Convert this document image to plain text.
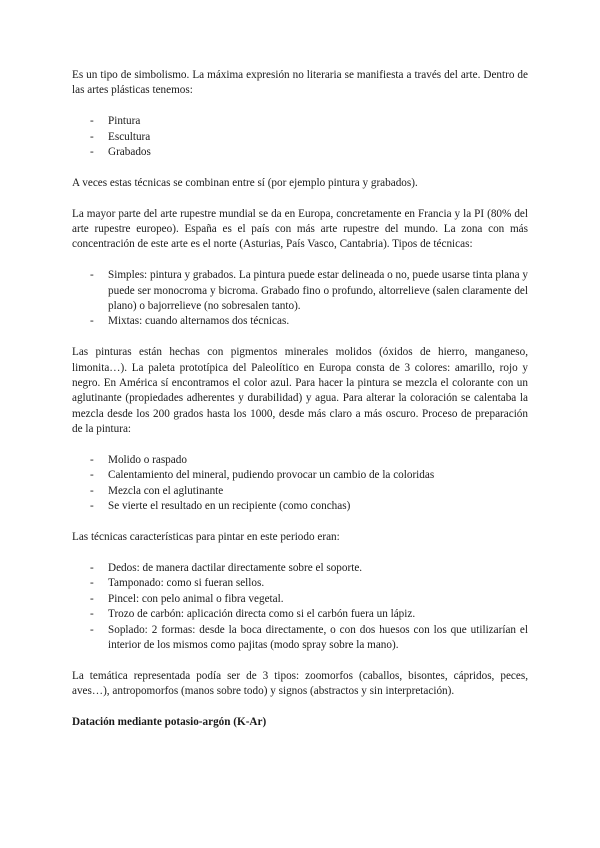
Es un tipo de simbolismo. La máxima expresión no literaria se manifiesta a través del arte. Dentro de las artes plásticas tenemos:

- Pintura
- Escultura
- Grabados

A veces estas técnicas se combinan entre sí (por ejemplo pintura y grabados).

La mayor parte del arte rupestre mundial se da en Europa, concretamente en Francia y la PI (80% del arte rupestre europeo). España es el país con más arte rupestre del mundo. La zona con más concentración de este arte es el norte (Asturias, País Vasco, Cantabria). Tipos de técnicas:

- Simples: pintura y grabados. La pintura puede estar delineada o no, puede usarse tinta plana y puede ser monocroma y bicroma. Grabado fino o profundo, altorrelieve (salen claramente del plano) o bajorrelieve (no sobresalen tanto).
- Mixtas: cuando alternamos dos técnicas.

Las pinturas están hechas con pigmentos minerales molidos (óxidos de hierro, manganeso, limonita…). La paleta prototípica del Paleolítico en Europa consta de 3 colores: amarillo, rojo y negro. En América sí encontramos el color azul. Para hacer la pintura se mezcla el colorante con un aglutinante (propiedades adherentes y durabilidad) y agua. Para alterar la coloración se calentaba la mezcla desde los 200 grados hasta los 1000, desde más claro a más oscuro. Proceso de preparación de la pintura:

- Molido o raspado
- Calentamiento del mineral, pudiendo provocar un cambio de la coloridas
- Mezcla con el aglutinante
- Se vierte el resultado en un recipiente (como conchas)

Las técnicas características para pintar en este periodo eran:

- Dedos: de manera dactilar directamente sobre el soporte.
- Tamponado: como si fueran sellos.
- Pincel: con pelo animal o fibra vegetal.
- Trozo de carbón: aplicación directa como si el carbón fuera un lápiz.
- Soplado: 2 formas: desde la boca directamente, o con dos huesos con los que utilizarían el interior de los mismos como pajitas (modo spray sobre la mano).

La temática representada podía ser de 3 tipos: zoomorfos (caballos, bisontes, cápridos, peces, aves…), antropomorfos (manos sobre todo) y signos (abstractos y sin interpretación).

Datación mediante potasio-argón (K-Ar)
